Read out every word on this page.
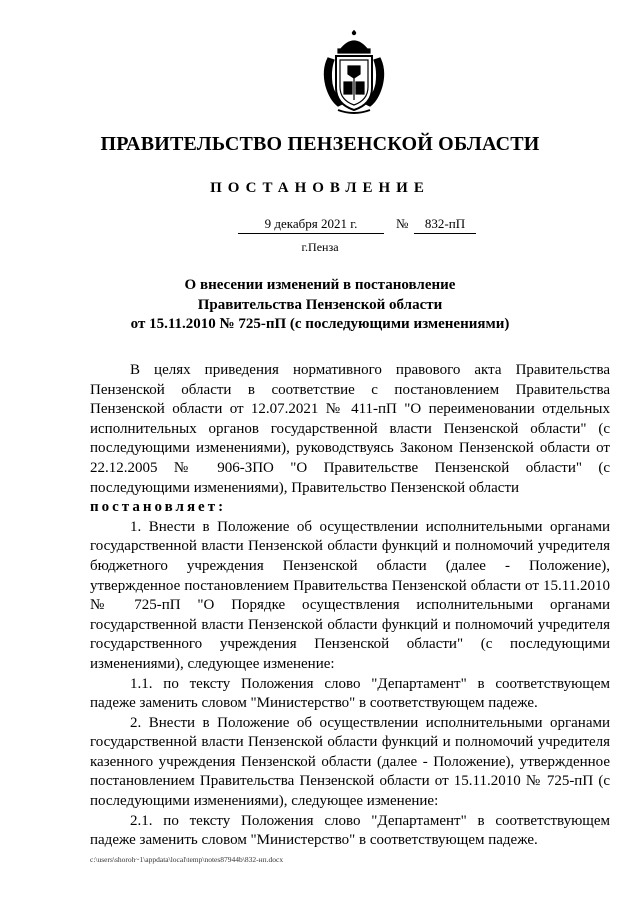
ПРАВИТЕЛЬСТВО ПЕНЗЕНСКОЙ ОБЛАСТИ
ПОСТАНОВЛЕНИЕ
9 декабря 2021 г.	№	832-пП
г.Пенза
О внесении изменений в постановление
Правительства Пензенской области
от 15.11.2010 № 725-пП (с последующими изменениями)

В целях приведения нормативного правового акта Правительства Пензенской области в соответствие с постановлением Правительства Пензенской области от 12.07.2021 № 411-пП "О переименовании отдельных исполнительных органов государственной власти Пензенской области" (с последующими изменениями), руководствуясь Законом Пензенской области от 22.12.2005 № 906-ЗПО "О Правительстве Пензенской области" (с последующими изменениями), Правительство Пензенской области

постановляет:

1. Внести в Положение об осуществлении исполнительными органами государственной власти Пензенской области функций и полномочий учредителя бюджетного учреждения Пензенской области (далее - Положение), утвержденное постановлением Правительства Пензенской области от 15.11.2010 № 725-пП "О Порядке осуществления исполнительными органами государственной власти Пензенской области функций и полномочий учредителя государственного учреждения Пензенской области" (с последующими изменениями), следующее изменение:

1.1. по тексту Положения слово "Департамент" в соответствующем падеже заменить словом "Министерство" в соответствующем падеже.

2. Внести в Положение об осуществлении исполнительными органами государственной власти Пензенской области функций и полномочий учредителя казенного учреждения Пензенской области (далее - Положение), утвержденное постановлением Правительства Пензенской области от 15.11.2010 № 725-пП (с последующими изменениями), следующее изменение:

2.1. по тексту Положения слово "Департамент" в соответствующем падеже заменить словом "Министерство" в соответствующем падеже.

c:\users\shoroh~1\appdata\local\temp\notes87944b\832-нп.docx
